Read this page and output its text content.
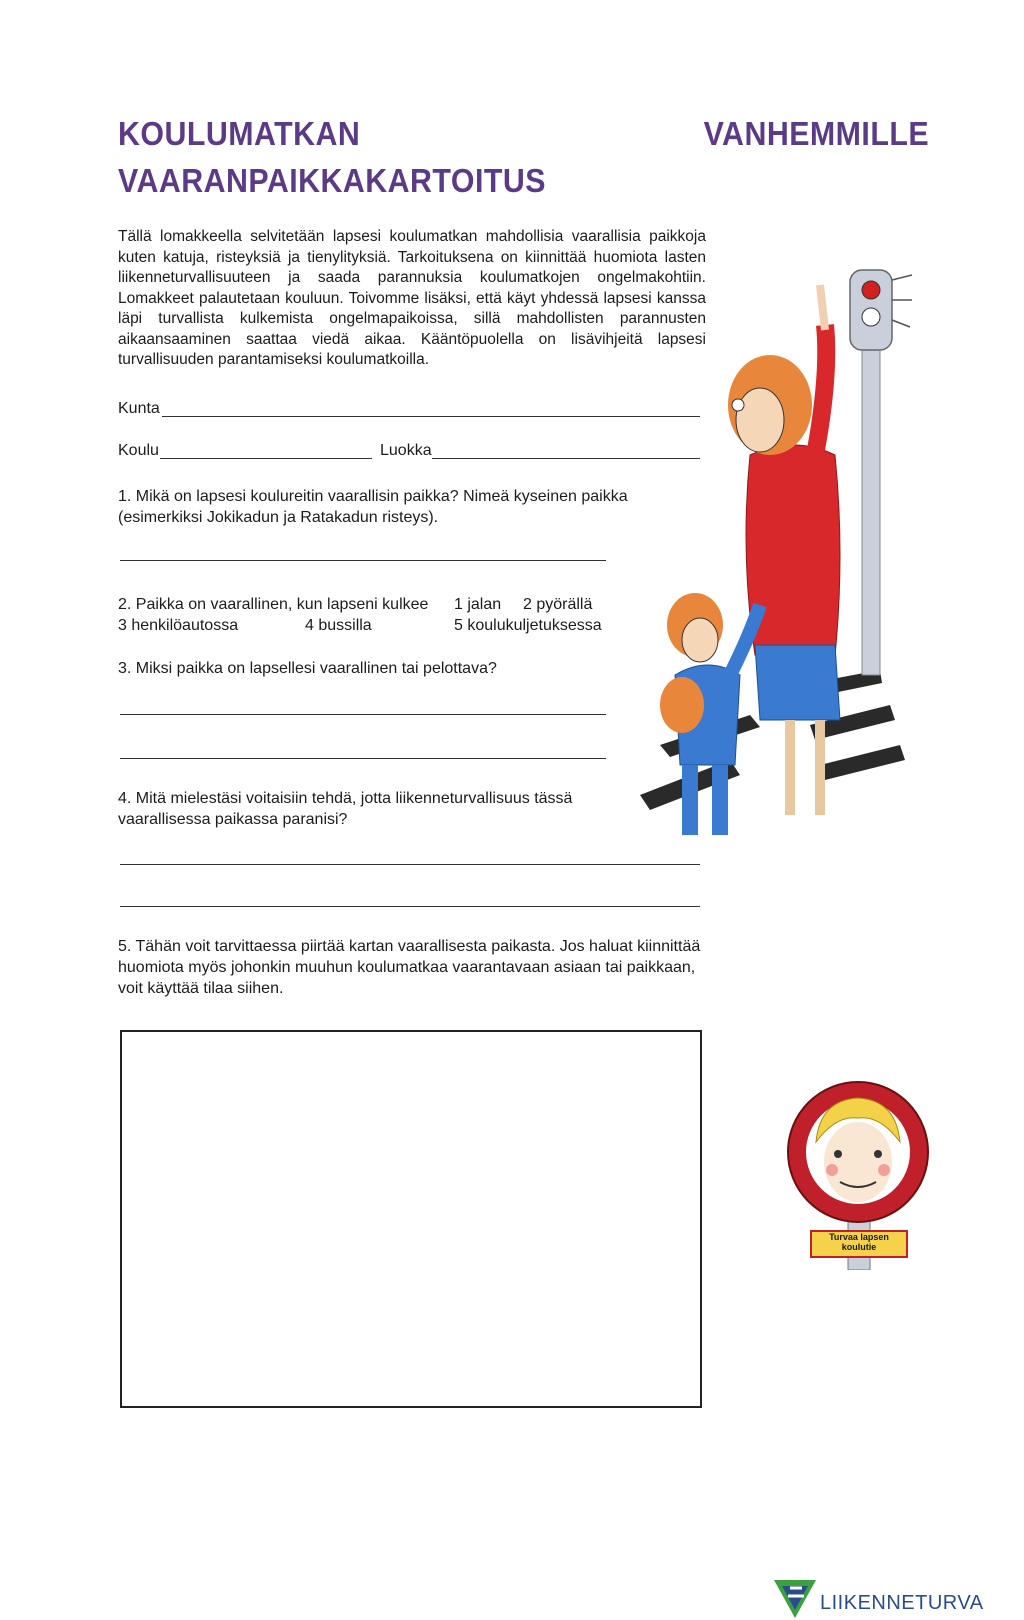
KOULUMATKAN
VAARANPAIKKAKARTOITUS
VANHEMMILLE
Tällä lomakkeella selvitetään lapsesi koulumatkan mahdollisia vaarallisia paikkoja kuten katuja, risteyksiä ja tienylityksiä. Tarkoituksena on kiinnittää huomiota lasten liikenneturvallisuuteen ja saada parannuksia koulumatkojen ongelmakohtiin. Lomakkeet palautetaan kouluun. Toivomme lisäksi, että käyt yhdessä lapsesi kanssa läpi turvallista kulkemista ongelmapaikoissa, sillä mahdollisten parannusten aikaansaaminen saattaa viedä aikaa. Kääntöpuolella on lisävihjeitä lapsesi turvallisuuden parantamiseksi koulumatkoilla.
Kunta
Koulu	Luokka
1. Mikä on lapsesi koulureitin vaarallisin paikka? Nimeä kyseinen paikka (esimerkiksi Jokikadun ja Ratakadun risteys).
2. Paikka on vaarallinen, kun lapseni kulkee 1 jalan 2 pyörällä
3 henkilöautossa	4 bussilla	5 koulukuljetuksessa
3. Miksi paikka on lapsellesi vaarallinen tai pelottava?
4. Mitä mielestäsi voitaisiin tehdä, jotta liikenneturvallisuus tässä vaarallisessa paikassa paranisi?
5. Tähän voit tarvittaessa piirtää kartan vaarallisesta paikasta. Jos haluat kiinnittää huomiota myös johonkin muuhun koulumatkaa vaarantavaan asiaan tai paikkaan, voit käyttää tilaa siihen.
Turvaa lapsen koulutie
LIIKENNETURVA
